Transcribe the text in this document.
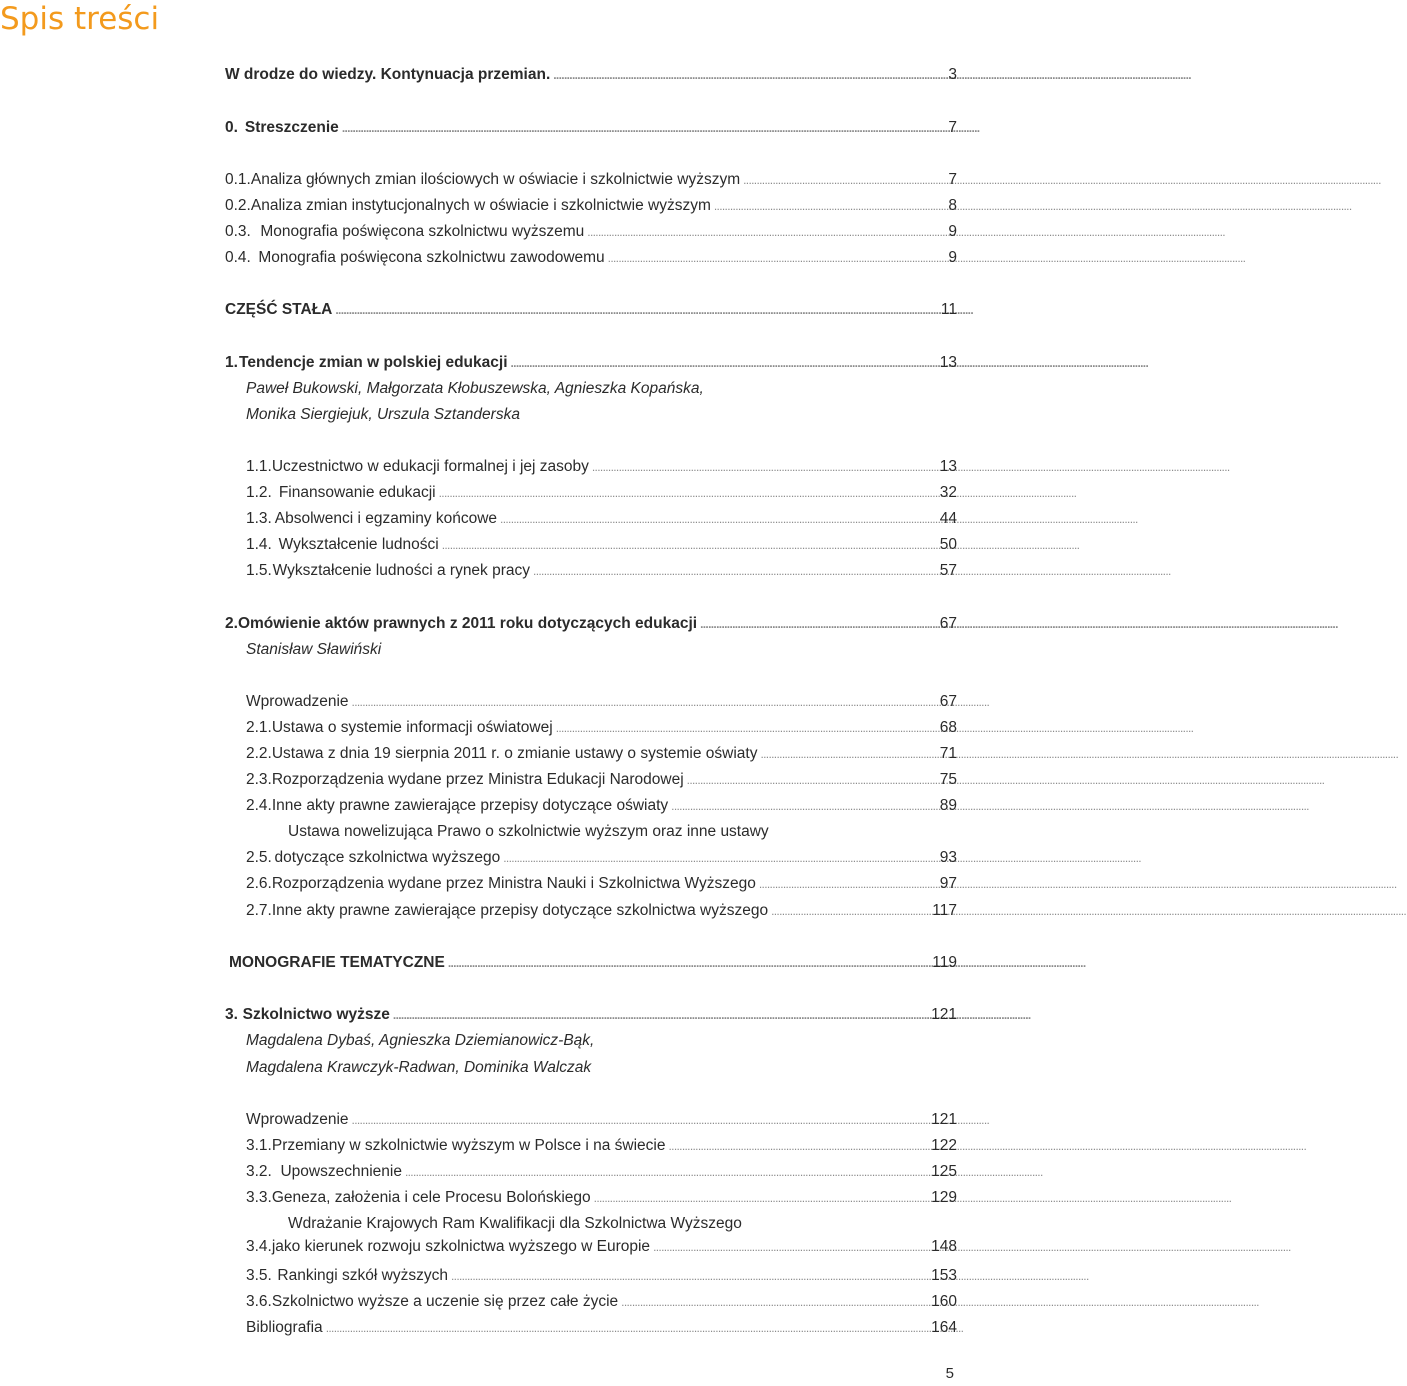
Spis treści
W drodze do wiedzy. Kontynuacja przemian. . . .	3
0. Streszczenie . . .	7
0.1. Analiza głównych zmian ilościowych w oświacie i szkolnictwie wyższym . . .	7
0.2. Analiza zmian instytucjonalnych w oświacie i szkolnictwie wyższym . . .	8
0.3. Monografia poświęcona szkolnictwu wyższemu . . .	9
0.4. Monografia poświęcona szkolnictwu zawodowemu . . .	9
CZĘŚĆ STAŁA . . .	11
1. Tendencje zmian w polskiej edukacji . . .	13

Paweł Bukowski, Małgorzata Kłobuszewska, Agnieszka Kopańska,

Monika Siergiejuk, Urszula Sztanderska

1.1. Uczestnictwo w edukacji formalnej i jej zasoby . . .	13
1.2. Finansowanie edukacji . . .	32
1.3. Absolwenci i egzaminy końcowe . . .	44
1.4. Wykształcenie ludności . . .	50
1.5. Wykształcenie ludności a rynek pracy . . .	57
2. Omówienie aktów prawnych z 2011 roku dotyczących edukacji . . .	67

Stanisław Sławiński

Wprowadzenie . . .	67
2.1. Ustawa o systemie informacji oświatowej . . .	68
2.2. Ustawa z dnia 19 sierpnia 2011 r. o zmianie ustawy o systemie oświaty . . .	71
2.3. Rozporządzenia wydane przez Ministra Edukacji Narodowej . . .	75
2.4. Inne akty prawne zawierające przepisy dotyczące oświaty . . .	89
Ustawa nowelizująca Prawo o szkolnictwie wyższym oraz inne ustawy
2.5. dotyczące szkolnictwa wyższego . . .	93
2.6. Rozporządzenia wydane przez Ministra Nauki i Szkolnictwa Wyższego . . .	97
2.7. Inne akty prawne zawierające przepisy dotyczące szkolnictwa wyższego . . .	117
MONOGRAFIE TEMATYCZNE . . .	119
3. Szkolnictwo wyższe . . .	121

Magdalena Dybaś, Agnieszka Dziemianowicz-Bąk,

Magdalena Krawczyk-Radwan, Dominika Walczak

Wprowadzenie . . .	121
3.1. Przemiany w szkolnictwie wyższym w Polsce i na świecie . . .	122
3.2. Upowszechnienie . . .	125
3.3. Geneza, założenia i cele Procesu Bolońskiego . . .	129
Wdrażanie Krajowych Ram Kwalifikacji dla Szkolnictwa Wyższego
3.4. jako kierunek rozwoju szkolnictwa wyższego w Europie . . .	148
3.5. Rankingi szkół wyższych . . .	153
3.6. Szkolnictwo wyższe a uczenie się przez całe życie . . .	160
Bibliografia . . .	164
5
